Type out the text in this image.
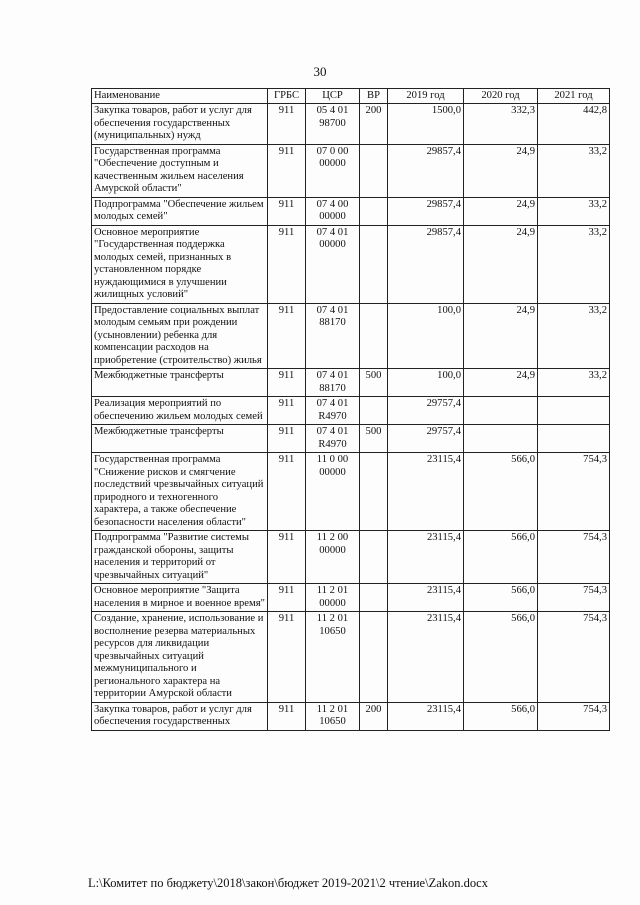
30
Наименование	ГРБС	ЦСР	ВР	2019 год	2020 год	2021 год
Закупка товаров, работ и услуг для обеспечения государственных (муниципальных) нужд	911	05 4 01 98700	200	1500,0	332,3	442,8
Государственная программа "Обеспечение доступным и качественным жильем населения Амурской области"	911	07 0 00 00000		29857,4	24,9	33,2
Подпрограмма "Обеспечение жильем молодых семей"	911	07 4 00 00000		29857,4	24,9	33,2
Основное мероприятие "Государственная поддержка молодых семей, признанных в установленном порядке нуждающимися в улучшении жилищных условий"	911	07 4 01 00000		29857,4	24,9	33,2
Предоставление социальных выплат молодым семьям при рождении (усыновлении) ребенка для компенсации расходов на приобретение (строительство) жилья	911	07 4 01 88170		100,0	24,9	33,2
Межбюджетные трансферты	911	07 4 01 88170	500	100,0	24,9	33,2
Реализация мероприятий по обеспечению жильем молодых семей	911	07 4 01 R4970		29757,4		
Межбюджетные трансферты	911	07 4 01 R4970	500	29757,4		
Государственная программа "Снижение рисков и смягчение последствий чрезвычайных ситуаций природного и техногенного характера, а также обеспечение безопасности населения области"	911	11 0 00 00000		23115,4	566,0	754,3
Подпрограмма "Развитие системы гражданской обороны, защиты населения и территорий от чрезвычайных ситуаций"	911	11 2 00 00000		23115,4	566,0	754,3
Основное мероприятие "Защита населения в мирное и военное время"	911	11 2 01 00000		23115,4	566,0	754,3
Создание, хранение, использование и восполнение резерва материальных ресурсов для ликвидации чрезвычайных ситуаций межмуниципального и регионального характера на территории Амурской области	911	11 2 01 10650		23115,4	566,0	754,3
Закупка товаров, работ и услуг для обеспечения государственных	911	11 2 01 10650	200	23115,4	566,0	754,3
L:\Комитет по бюджету\2018\закон\бюджет 2019-2021\2 чтение\Zakon.docx
